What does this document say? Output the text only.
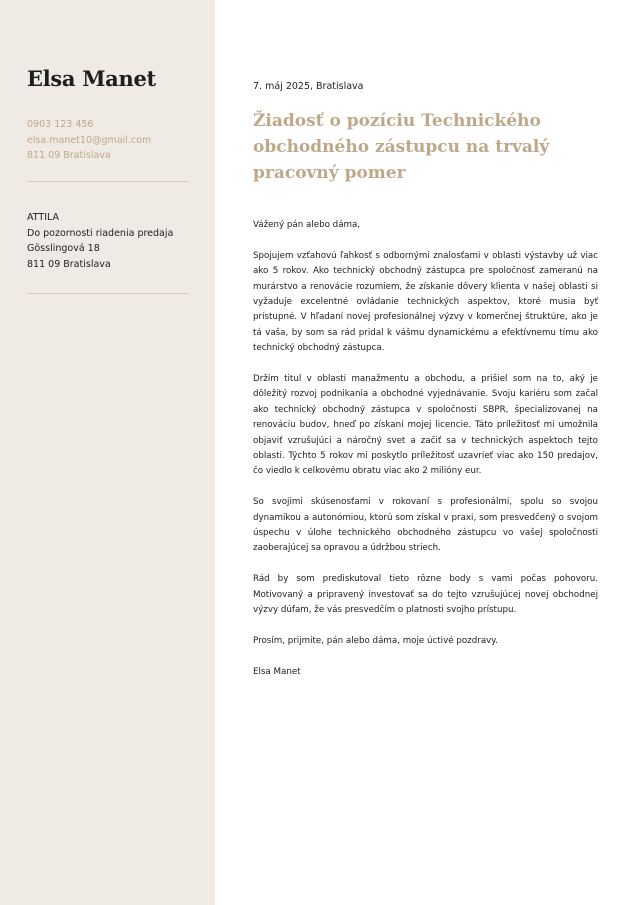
Elsa Manet
0903 123 456
elsa.manet10@gmail.com
811 09 Bratislava
ATTILA
Do pozornosti riadenia predaja
Gösslingová 18
811 09 Bratislava
7. máj 2025, Bratislava
Žiadosť o pozíciu Technického obchodného zástupcu na trvalý pracovný pomer

Vážený pán alebo dáma,

Spojujem vzťahovú ľahkosť s odbornými znalosťami v oblasti výstavby už viac ako 5 rokov. Ako technický obchodný zástupca pre spoločnosť zameranú na murárstvo a renovácie rozumiem, že získanie dôvery klienta v našej oblasti si vyžaduje excelentné ovládanie technických aspektov, ktoré musia byť prístupné. V hľadaní novej profesionálnej výzvy v komerčnej štruktúre, ako je tá vaša, by som sa rád pridal k vášmu dynamickému a efektívnemu tímu ako technický obchodný zástupca.

Držím titul v oblasti manažmentu a obchodu, a prišiel som na to, aký je dôležitý rozvoj podnikania a obchodné vyjednávanie. Svoju kariéru som začal ako technický obchodný zástupca v spoločnosti SBPR, špecializovanej na renováciu budov, hneď po získaní mojej licencie. Táto príležitosť mi umožnila objaviť vzrušujúci a náročný svet a začiť sa v technických aspektoch tejto oblasti. Týchto 5 rokov mi poskytlo príležitosť uzavrieť viac ako 150 predajov, čo viedlo k celkovému obratu viac ako 2 milióny eur.

So svojimi skúsenosťami v rokovaní s profesionálmi, spolu so svojou dynamikou a autonómiou, ktorú som získal v praxi, som presvedčený o svojom úspechu v úlohe technického obchodného zástupcu vo vašej spoločnosti zaoberajúcej sa opravou a údržbou striech.

Rád by som prediskutoval tieto rôzne body s vami počas pohovoru. Motivovaný a pripravený investovať sa do tejto vzrušujúcej novej obchodnej výzvy dúfam, že vás presvedčím o platnosti svojho prístupu.

Prosím, prijmite, pán alebo dáma, moje úctivé pozdravy.

Elsa Manet
